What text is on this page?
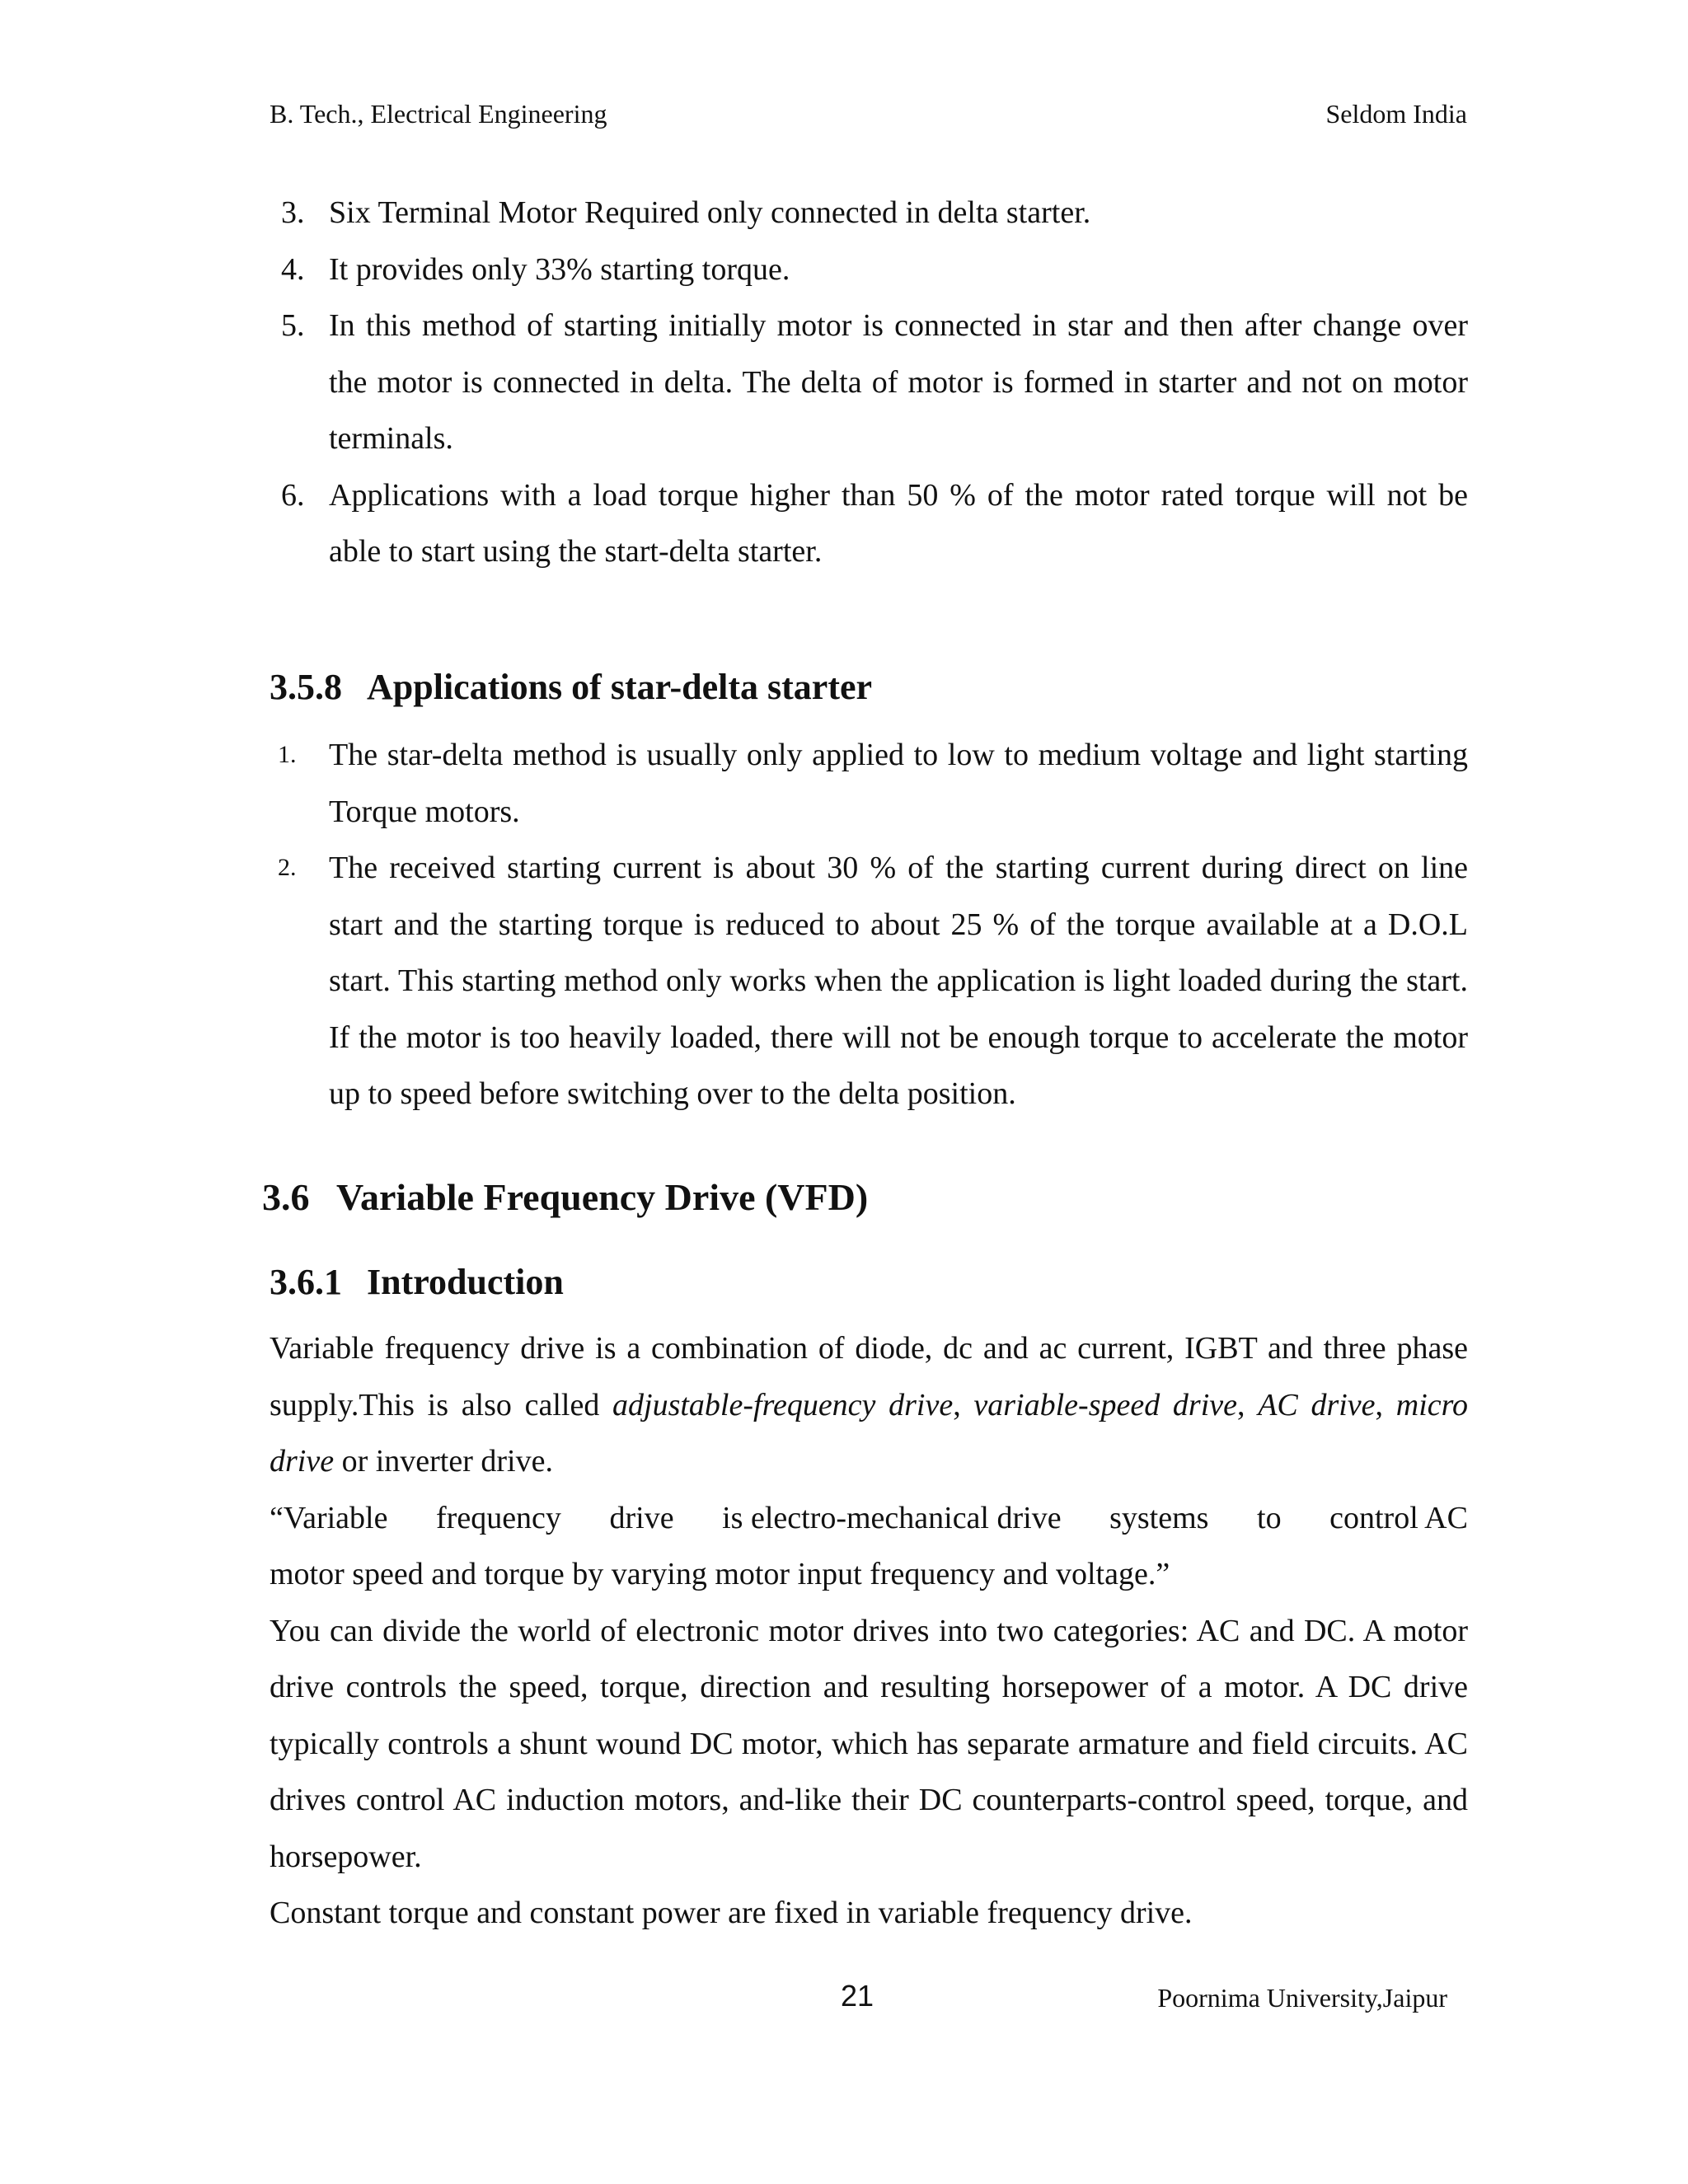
B. Tech., Electrical Engineering	Seldom India
3. Six Terminal Motor Required only connected in delta starter.
4. It provides only 33% starting torque.
5. In this method of starting initially motor is connected in star and then after change over the motor is connected in delta. The delta of motor is formed in starter and not on motor terminals.
6. Applications with a load torque higher than 50 % of the motor rated torque will not be able to start using the start-delta starter.
3.5.8 Applications of star-delta starter
1.	The star-delta method is usually only applied to low to medium voltage and light starting Torque motors.
2.	The received starting current is about 30 % of the starting current during direct on line start and the starting torque is reduced to about 25 % of the torque available at a D.O.L start. This starting method only works when the application is light loaded during the start. If the motor is too heavily loaded, there will not be enough torque to accelerate the motor up to speed before switching over to the delta position.
3.6 Variable Frequency Drive (VFD)
3.6.1 Introduction

Variable frequency drive is a combination of diode, dc and ac current, IGBT and three phase supply.This is also called adjustable-frequency drive, variable-speed drive, AC drive, micro drive or inverter drive.

“Variable frequency drive is electro-mechanical drive systems to control AC

motor speed and torque by varying motor input frequency and voltage.”

You can divide the world of electronic motor drives into two categories: AC and DC. A motor drive controls the speed, torque, direction and resulting horsepower of a motor. A DC drive typically controls a shunt wound DC motor, which has separate armature and field circuits. AC drives control AC induction motors, and-like their DC counterparts-control speed, torque, and horsepower.

Constant torque and constant power are fixed in variable frequency drive.

21	Poornima University,Jaipur
